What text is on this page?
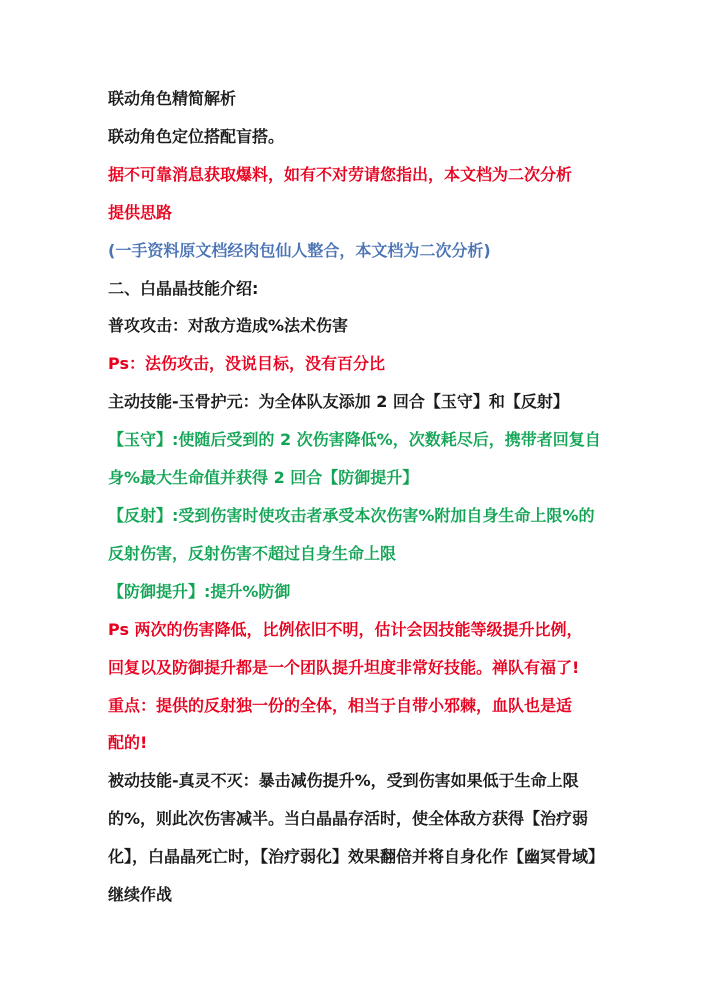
联动角色精简解析
联动角色定位搭配盲搭。
据不可靠消息获取爆料，如有不对劳请您指出，本文档为二次分析
提供思路
(一手资料原文档经肉包仙人整合，本文档为二次分析)
二、白晶晶技能介绍:
普攻攻击：对敌方造成%法术伤害
Ps：法伤攻击，没说目标，没有百分比
主动技能-玉骨护元：为全体队友添加 2 回合【玉守】和【反射】
【玉守】:使随后受到的 2 次伤害降低%，次数耗尽后，携带者回复自
身%最大生命值并获得 2 回合【防御提升】
【反射】:受到伤害时使攻击者承受本次伤害%附加自身生命上限%的
反射伤害，反射伤害不超过自身生命上限
【防御提升】:提升%防御
Ps 两次的伤害降低，比例依旧不明，估计会因技能等级提升比例，
回复以及防御提升都是一个团队提升坦度非常好技能。禅队有福了!
重点：提供的反射独一份的全体，相当于自带小邪棘，血队也是适
配的!
被动技能-真灵不灭：暴击减伤提升%，受到伤害如果低于生命上限
的%，则此次伤害减半。当白晶晶存活时，使全体敌方获得【治疗弱
化】，白晶晶死亡时，【治疗弱化】效果翻倍并将自身化作【幽冥骨域】
继续作战
